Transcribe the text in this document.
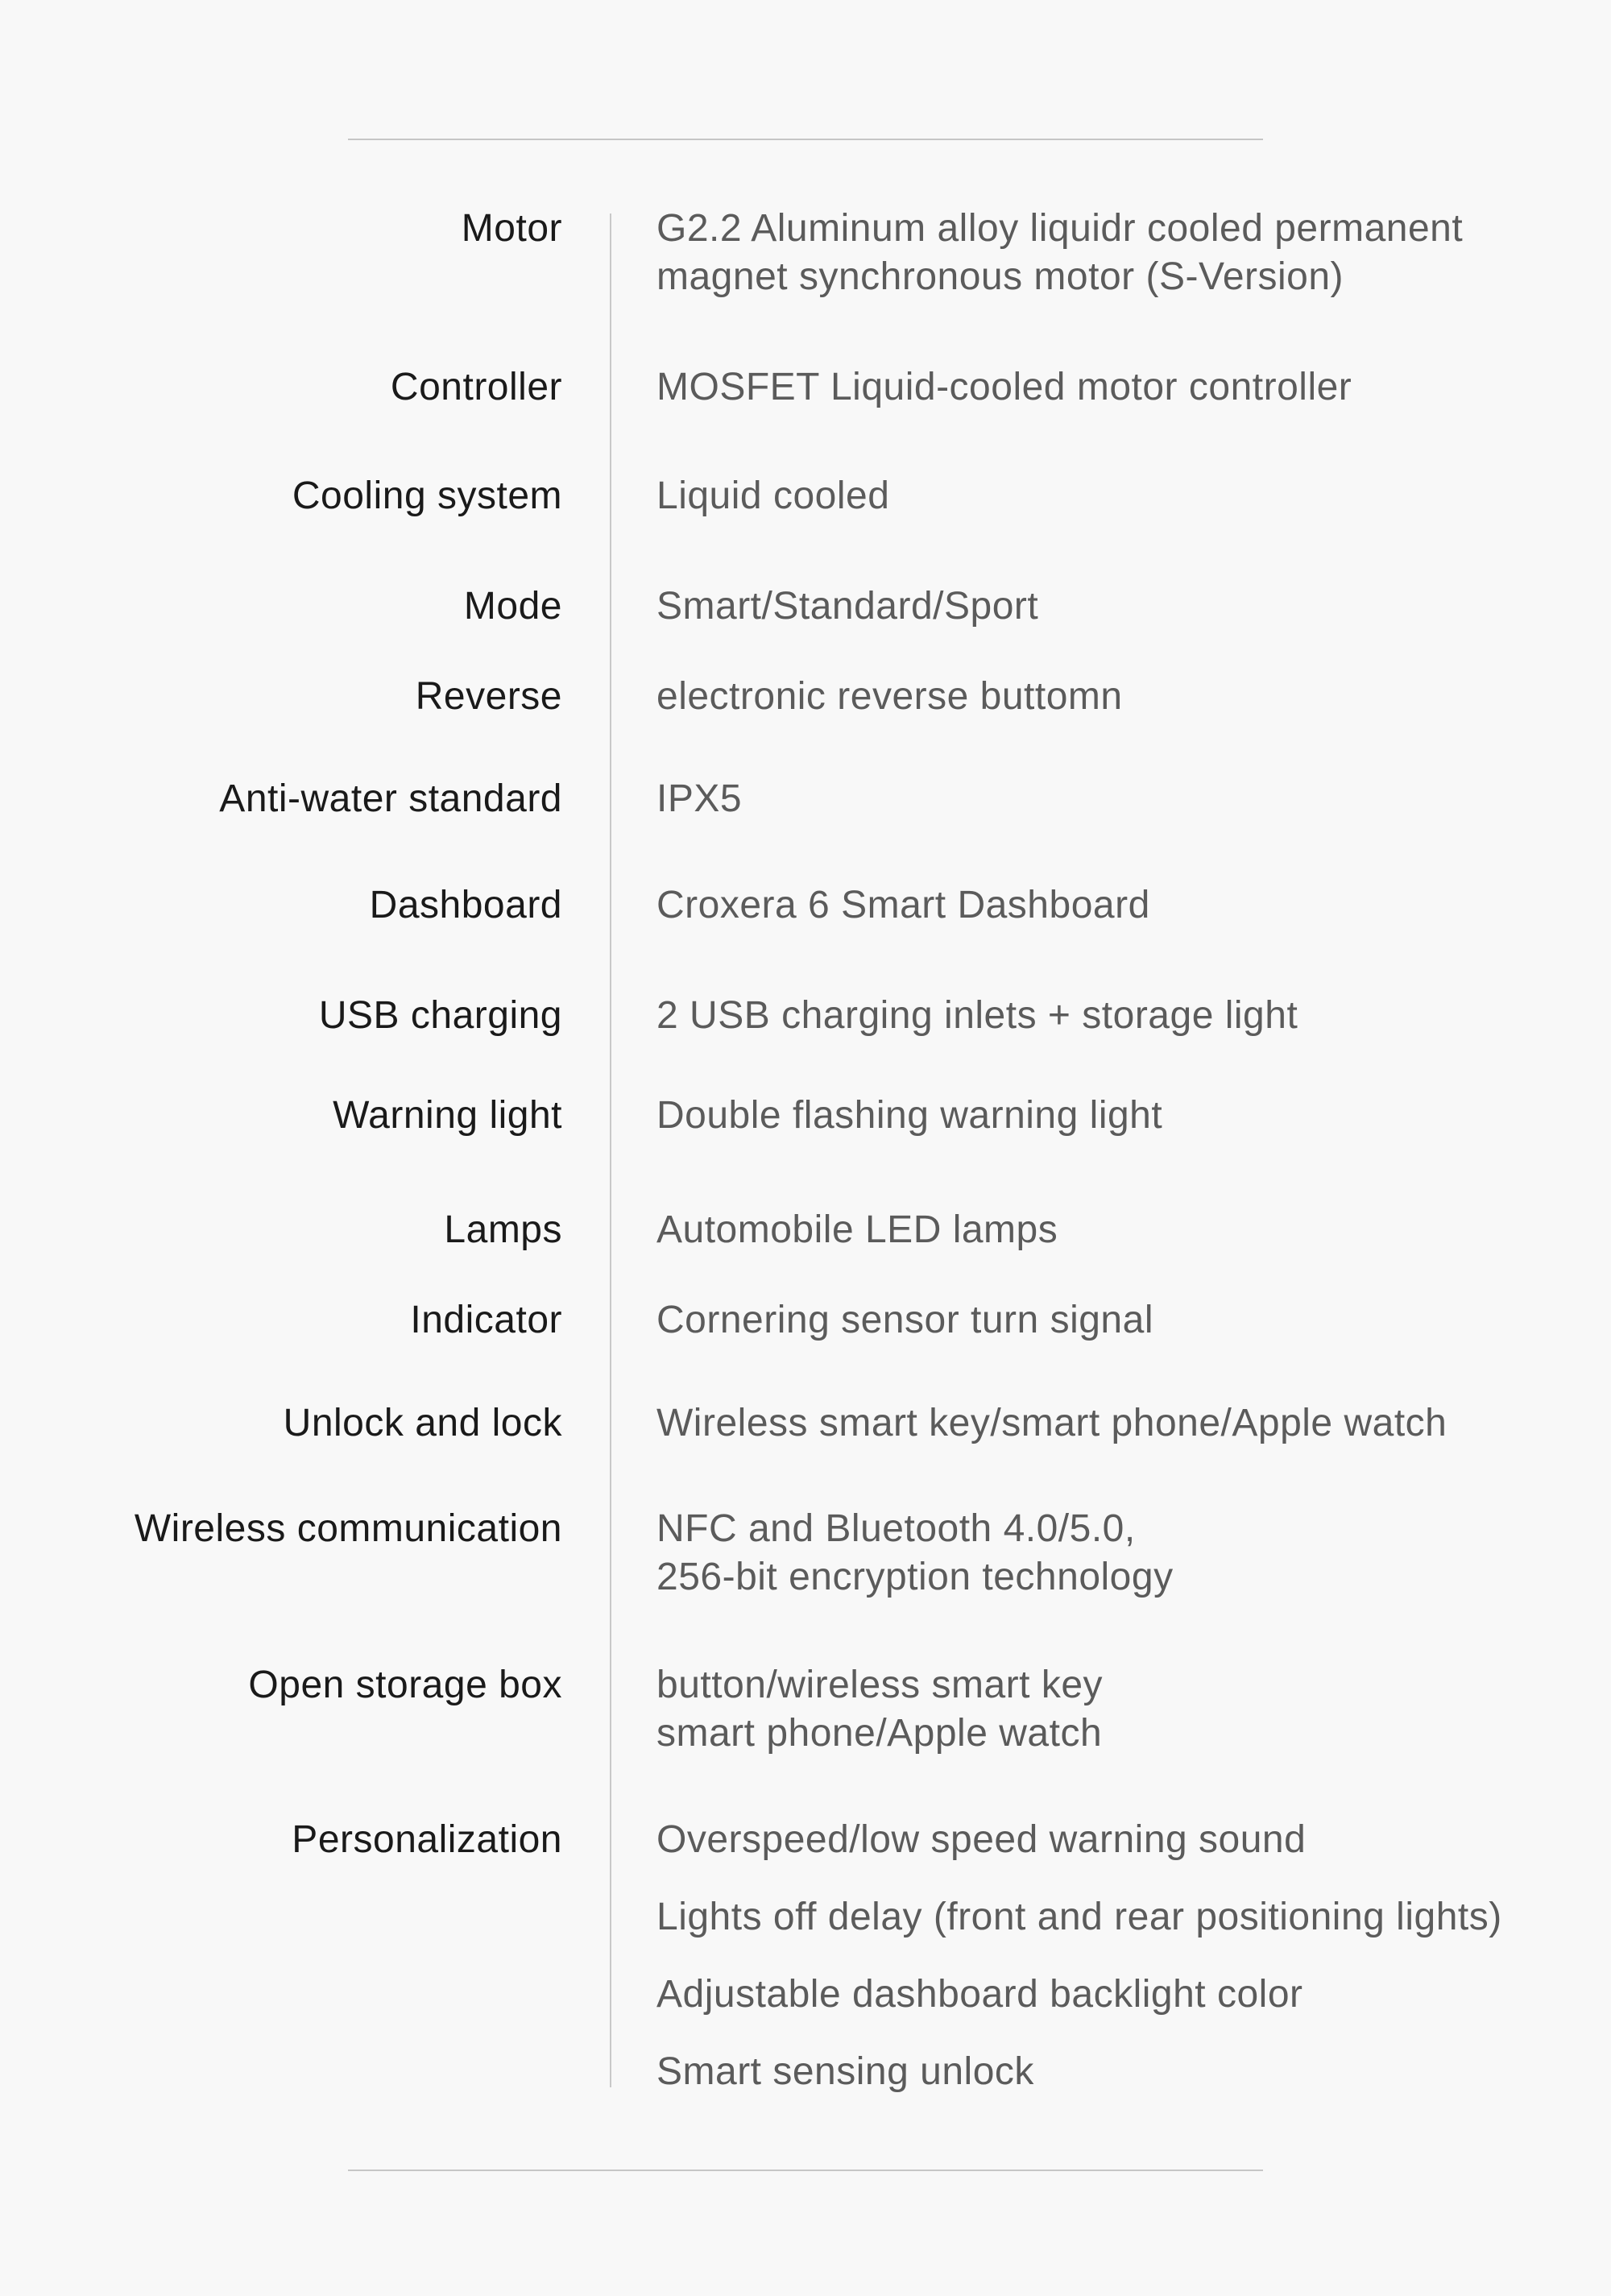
Motor G2.2 Aluminum alloy liquidr cooled permanent
magnet synchronous motor (S-Version)
Controller MOSFET Liquid-cooled motor controller
Cooling system Liquid cooled
Mode Smart/Standard/Sport
Reverse electronic reverse buttomn
Anti-water standard IPX5
Dashboard Croxera 6 Smart Dashboard
USB charging 2 USB charging inlets + storage light
Warning light Double flashing warning light
Lamps Automobile LED lamps
Indicator Cornering sensor turn signal
Unlock and lock Wireless smart key/smart phone/Apple watch
Wireless communication NFC and Bluetooth 4.0/5.0,
256-bit encryption technology
Open storage box button/wireless smart key
smart phone/Apple watch
Personalization Overspeed/low speed warning sound
Lights off delay (front and rear positioning lights)
Adjustable dashboard backlight color
Smart sensing unlock
